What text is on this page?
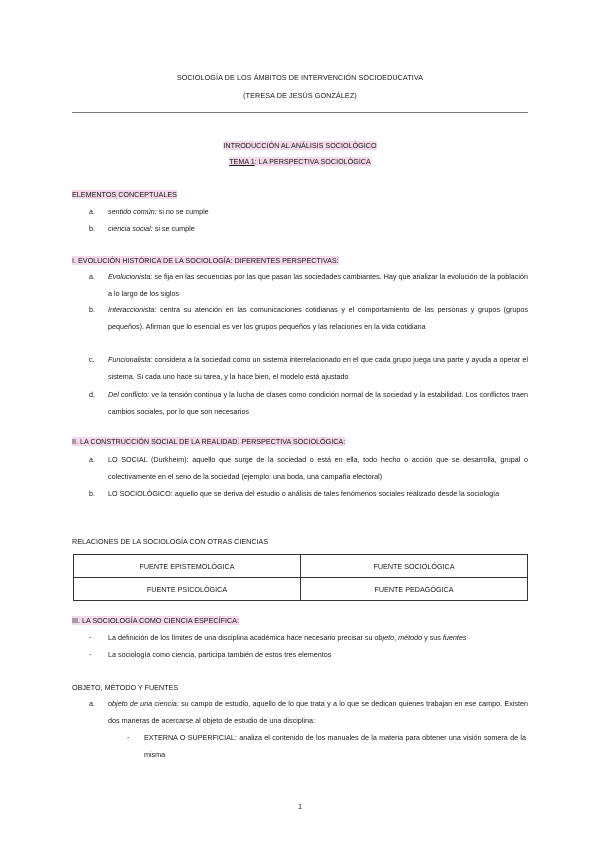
SOCIOLOGÍA DE LOS ÁMBITOS DE INTERVENCIÓN SOCIOEDUCATIVA
(TERESA DE JESÚS GONZÁLEZ)
INTRODUCCIÓN AL ANÁLISIS SOCIOLÓGICO
TEMA 1: LA PERSPECTIVA SOCIOLÓGICA
ELEMENTOS CONCEPTUALES
a.	sentido común: si no se cumple
b.	ciencia social: si se cumple
I. EVOLUCIÓN HISTÓRICA DE LA SOCIOLOGÍA: DIFERENTES PERSPECTIVAS:
a.	Evolucionista: se fija en las secuencias por las que pasan las sociedades cambiantes. Hay que analizar la evolución de la población a lo largo de los siglos
b.	Interaccionista: centra su atención en las comunicaciones cotidianas y el comportamiento de las personas y grupos (grupos pequeños). Afirman que lo esencial es ver los grupos pequeños y las relaciones en la vida cotidiana
c.	Funcionalista: considera a la sociedad como un sistema interrelacionado en el que cada grupo juega una parte y ayuda a operar el sistema. Si cada uno hace su tarea, y la hace bien, el modelo está ajustado
d.	Del conflicto: ve la tensión continua y la lucha de clases como condición normal de la sociedad y la estabilidad. Los conflictos traen cambios sociales, por lo que son necesarios
II. LA CONSTRUCCIÓN SOCIAL DE LA REALIDAD. PERSPECTIVA SOCIOLÓGICA:
a.	LO SOCIAL (Durkheim): aquello que surge de la sociedad o está en ella, todo hecho o acción que se desarrolla, grupal o colectivamente en el seno de la sociedad (ejemplo: una boda, una campaña electoral)
b.	LO SOCIOLÓGICO: aquello que se deriva del estudio o análisis de tales fenómenos sociales realizado desde la sociología
RELACIONES DE LA SOCIOLOGÍA CON OTRAS CIENCIAS
FUENTE EPISTEMOLÓGICA	FUENTE SOCIOLÓGICA
FUENTE PSICOLÓGICA	FUENTE PEDAGÓGICA
III. LA SOCIOLOGÍA COMO CIENCIA ESPECÍFICA:
-	La definición de los límites de una disciplina académica hace necesario precisar su objeto, método y sus fuentes
-	La sociología como ciencia, participa también de estos tres elementos
OBJETO, MÉTODO Y FUENTES
a.	objeto de una ciencia: su campo de estudio, aquello de lo que trata y a lo que se dedican quienes trabajan en ese campo. Existen dos maneras de acercarse al objeto de estudio de una disciplina:
- EXTERNA O SUPERFICIAL: analiza el contenido de los manuales de la materia para obtener una visión somera de la misma
1
